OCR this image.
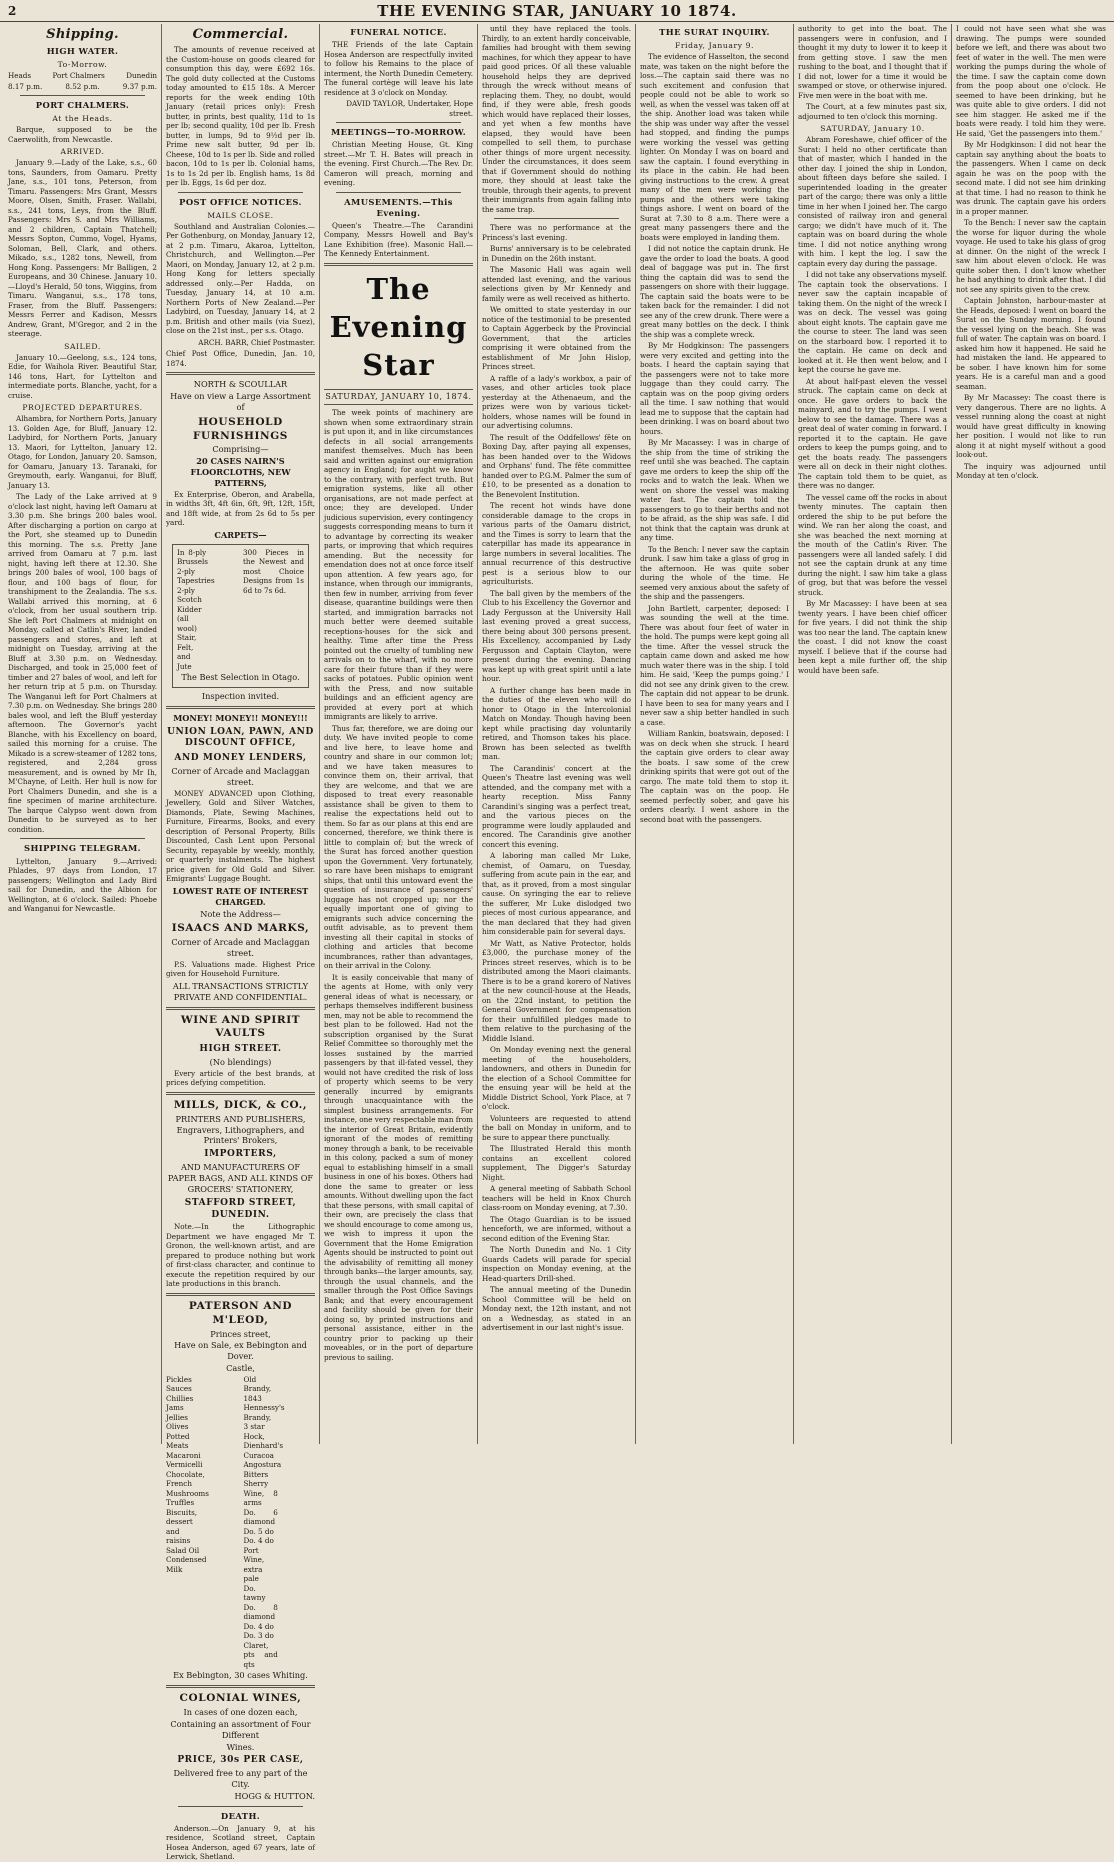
2	THE EVENING STAR, JANUARY 10 1874.
Shipping.
HIGH WATER.
To-Morrow.
Heads	Port Chalmers	Dunedin
8.17 p.m.	8.52 p.m.	9.37 p.m.
PORT CHALMERS.
At the Heads.

Barque, supposed to be the Caerwolith, from Newcastle.

ARRIVED.

January 9.—Lady of the Lake, s.s., 60 tons, Saunders, from Oamaru. Pretty Jane, s.s., 101 tons, Peterson, from Timaru. Passengers: Mrs Grant, Messrs Moore, Olsen, Smith, Fraser. Wallabi, s.s., 241 tons, Leys, from the Bluff. Passengers: Mrs S. and Mrs Williams, and 2 children, Captain Thatchell; Messrs Sopton, Cummo, Vogel, Hyams, Soloman, Bell, Clark, and others. Mikado, s.s., 1282 tons, Newell, from Hong Kong. Passengers: Mr Balligen, 2 Europeans, and 30 Chinese. January 10.—Lloyd's Herald, 50 tons, Wiggins, from Timaru. Wanganui, s.s., 178 tons, Fraser, from the Bluff. Passengers: Messrs Ferrer and Kadison, Messrs Andrew, Grant, M'Gregor, and 2 in the steerage.

SAILED.

January 10.—Geelong, s.s., 124 tons, Edie, for Waihola River. Beautiful Star, 146 tons, Hart, for Lyttelton and intermediate ports. Blanche, yacht, for a cruise.

PROJECTED DEPARTURES.

Alhambra, for Northern Ports, January 13. Golden Age, for Bluff, January 12. Ladybird, for Northern Ports, January 13. Maori, for Lyttelton, January 12. Otago, for London, January 20. Samson, for Oamaru, January 13. Taranaki, for Greymouth, early. Wanganui, for Bluff, January 13.

The Lady of the Lake arrived at 9 o'clock last night, having left Oamaru at 3.30 p.m. She brings 200 bales wool. After discharging a portion on cargo at the Port, she steamed up to Dunedin this morning. The s.s. Pretty Jane arrived from Oamaru at 7 p.m. last night, having left there at 12.30. She brings 200 bales of wool, 100 bags of flour, and 100 bags of flour, for transhipment to the Zealandia. The s.s. Wallabi arrived this morning, at 6 o'clock, from her usual southern trip. She left Port Chalmers at midnight on Monday, called at Catlin's River, landed passengers and stores, and left at midnight on Tuesday, arriving at the Bluff at 3.30 p.m. on Wednesday. Discharged, and took in 25,000 feet of timber and 27 bales of wool, and left for her return trip at 5 p.m. on Thursday. The Wanganui left for Port Chalmers at 7.30 p.m. on Wednesday. She brings 280 bales wool, and left the Bluff yesterday afternoon. The Governor's yacht Blanche, with his Excellency on board, sailed this morning for a cruise. The Mikado is a screw-steamer of 1282 tons, registered, and 2,284 gross measurement, and is owned by Mr Ih, M'Chayne, of Leith. Her hull is now for Port Chalmers Dunedin, and she is a fine specimen of marine architecture. The barque Calypso went down from Dunedin to be surveyed as to her condition.

SHIPPING TELEGRAM.

Lyttelton, January 9.—Arrived: Phlades, 97 days from London, 17 passengers; Wellington and Lady Bird sail for Dunedin, and the Albion for Wellington, at 6 o'clock. Sailed: Phoebe and Wanganui for Newcastle.

Commercial.

The amounts of revenue received at the Custom-house on goods cleared for consumption this day, were £692 16s. The gold duty collected at the Customs today amounted to £15 18s. A Mercer reports for the week ending 10th January (retail prices only): Fresh butter, in prints, best quality, 11d to 1s per lb; second quality, 10d per lb. Fresh butter, in lumps, 9d to 9½d per lb. Prime new salt butter, 9d per lb. Cheese, 10d to 1s per lb. Side and rolled bacon, 10d to 1s per lb. Colonial hams, 1s to 1s 2d per lb. English hams, 1s 8d per lb. Eggs, 1s 6d per doz.

POST OFFICE NOTICES.
MAILS CLOSE.

Southland and Australian Colonies.—Per Gothenburg, on Monday, January 12, at 2 p.m. Timaru, Akaroa, Lyttelton, Christchurch, and Wellington.—Per Maori, on Monday, January 12, at 2 p.m. Hong Kong for letters specially addressed only.—Per Hadda, on Tuesday, January 14, at 10 a.m. Northern Ports of New Zealand.—Per Ladybird, on Tuesday, January 14, at 2 p.m. British and other mails (via Suez), close on the 21st inst., per s.s. Otago.

ARCH. BARR, Chief Postmaster.

Chief Post Office, Dunedin, Jan. 10, 1874.

NORTH & SCOULLAR
Have on view a Large Assortment of
HOUSEHOLD FURNISHINGS
Comprising—
20 CASES NAIRN'S FLOORCLOTHS, NEW PATTERNS,

Ex Enterprise, Oberon, and Arabella, in widths 3ft, 4ft 6in, 6ft, 9ft, 12ft, 15ft, and 18ft wide, at from 2s 6d to 5s per yard.

CARPETS—
In 8-ply Brussels
2-ply Tapestries
2-ply Scotch
Kidder (all wool)
Stair, Felt, and Jute
300 Pieces in the Newest and most Choice Designs from 1s 6d to 7s 6d.
The Best Selection in Otago.
Inspection invited.
MONEY! MONEY!! MONEY!!!
UNION LOAN, PAWN, AND DISCOUNT OFFICE,
AND MONEY LENDERS,
Corner of Arcade and Maclaggan street.

MONEY ADVANCED upon Clothing, Jewellery, Gold and Silver Watches, Diamonds, Plate, Sewing Machines, Furniture, Firearms, Books, and every description of Personal Property, Bills Discounted, Cash Lent upon Personal Security, repayable by weekly, monthly, or quarterly instalments. The highest price given for Old Gold and Silver. Emigrants' Luggage Bought.

LOWEST RATE OF INTEREST CHARGED.
Note the Address—
ISAACS AND MARKS,
Corner of Arcade and Maclaggan street.

P.S. Valuations made. Highest Price given for Household Furniture.

ALL TRANSACTIONS STRICTLY PRIVATE AND CONFIDENTIAL.
WINE AND SPIRIT VAULTS
HIGH STREET.
(No blendings)

Every article of the best brands, at prices defying competition.

MILLS, DICK, & CO.,
PRINTERS AND PUBLISHERS, Engravers, Lithographers, and Printers' Brokers,
IMPORTERS,
AND MANUFACTURERS OF PAPER BAGS, AND ALL KINDS OF GROCERS' STATIONERY,
STAFFORD STREET, DUNEDIN.

Note.—In the Lithographic Department we have engaged Mr T. Gronon, the well-known artist, and are prepared to produce nothing but work of first-class character, and continue to execute the repetition required by our late productions in this branch.

PATERSON AND M'LEOD,
Princes street,
Have on Sale, ex Bebington and Dover.
Castle,
Pickles
Sauces
Chillies
Jams
Jellies
Olives
Potted Meats
Macaroni
Vermicelli
Chocolate, French
Mushrooms
Truffles
Biscuits, dessert and raisins
Salad Oil
Condensed Milk
Old Brandy, 1843
Hennessy's Brandy, 3 star
Hock, Dienhard's
Curacoa
Angostura Bitters
Sherry Wine, 8 arms
Do. 6 diamond
Do. 5 do
Do. 4 do
Port Wine, extra pale
Do. tawny
Do. 8 diamond
Do. 4 do
Do. 3 do
Claret, pts and qts
Ex Bebington, 30 cases Whiting.
COLONIAL WINES,
In cases of one dozen each,
Containing an assortment of Four Different
Wines.
PRICE, 30s PER CASE,
Delivered free to any part of the City.
HOGG & HUTTON.
DEATH.

Anderson.—On January 9, at his residence, Scotland street, Captain Hosea Anderson, aged 67 years, late of Lerwick, Shetland.

FUNERAL NOTICE.

THE Friends of the late Captain Hosea Anderson are respectfully invited to follow his Remains to the place of interment, the North Dunedin Cemetery. The funeral cortège will leave his late residence at 3 o'clock on Monday.

DAVID TAYLOR, Undertaker, Hope street.

MEETINGS—TO-MORROW.

Christian Meeting House, Gt. King street.—Mr T. H. Bates will preach in the evening. First Church.—The Rev. Dr. Cameron will preach, morning and evening.

AMUSEMENTS.—This Evening.

Queen's Theatre.—The Carandini Company, Messrs Howell and Bay's Lane Exhibition (free). Masonic Hall.—The Kennedy Entertainment.

The Evening Star
SATURDAY, JANUARY 10, 1874.

The week points of machinery are shown when some extraordinary strain is put upon it, and in like circumstances defects in all social arrangements manifest themselves. Much has been said and written against our emigration agency in England; for aught we know to the contrary, with perfect truth. But emigration systems, like all other organisations, are not made perfect at once; they are developed. Under judicious supervision, every contingency suggests corresponding means to turn it to advantage by correcting its weaker parts, or improving that which requires amending. But the necessity for emendation does not at once force itself upon attention. A few years ago, for instance, when through our immigrants, then few in number, arriving from fever disease, quarantine buildings were then started, and immigration barracks not much better were deemed suitable receptions-houses for the sick and healthy. Time after time the Press pointed out the cruelty of tumbling new arrivals on to the wharf, with no more care for their future than if they were sacks of potatoes. Public opinion went with the Press, and now suitable buildings and an efficient agency are provided at every port at which immigrants are likely to arrive.

Thus far, therefore, we are doing our duty. We have invited people to come and live here, to leave home and country and share in our common lot; and we have taken measures to convince them on, their arrival, that they are welcome, and that we are disposed to treat every reasonable assistance shall be given to them to realise the expectations held out to them. So far as our plans at this end are concerned, therefore, we think there is little to complain of; but the wreck of the Surat has forced another question upon the Government. Very fortunately, so rare have been mishaps to emigrant ships, that until this untoward event the question of insurance of passengers' luggage has not cropped up; nor the equally important one of giving to emigrants such advice concerning the outfit advisable, as to prevent them investing all their capital in stocks of clothing and articles that become incumbrances, rather than advantages, on their arrival in the Colony.

It is easily conceivable that many of the agents at Home, with only very general ideas of what is necessary, or perhaps themselves indifferent business men, may not be able to recommend the best plan to be followed. Had not the subscription organised by the Surat Relief Committee so thoroughly met the losses sustained by the married passengers by that ill-fated vessel, they would not have credited the risk of loss of property which seems to be very generally incurred by emigrants through unacquaintance with the simplest business arrangements. For instance, one very respectable man from the interior of Great Britain, evidently ignorant of the modes of remitting money through a bank, to be receivable in this colony, packed a sum of money equal to establishing himself in a small business in one of his boxes. Others had done the same to greater or less amounts. Without dwelling upon the fact that these persons, with small capital of their own, are precisely the class that we should encourage to come among us, we wish to impress it upon the Government that the Home Emigration Agents should be instructed to point out the advisability of remitting all money through banks—the larger amounts, say, through the usual channels, and the smaller through the Post Office Savings Bank; and that every encouragement and facility should be given for their doing so, by printed instructions and personal assistance, either in the country prior to packing up their moveables, or in the port of departure previous to sailing.

until they have replaced the tools. Thirdly, to an extent hardly conceivable, families had brought with them sewing machines, for which they appear to have paid good prices. Of all these valuable household helps they are deprived through the wreck without means of replacing them. They, no doubt, would find, if they were able, fresh goods which would have replaced their losses, and yet when a few months have elapsed, they would have been compelled to sell them, to purchase other things of more urgent necessity. Under the circumstances, it does seem that if Government should do nothing more, they should at least take the trouble, through their agents, to prevent their immigrants from again falling into the same trap.

There was no performance at the Princess's last evening.

Burns' anniversary is to be celebrated in Dunedin on the 26th instant.

The Masonic Hall was again well attended last evening, and the various selections given by Mr Kennedy and family were as well received as hitherto.

We omitted to state yesterday in our notice of the testimonial to be presented to Captain Aggerbeck by the Provincial Government, that the articles comprising it were obtained from the establishment of Mr John Hislop, Princes street.

A raffle of a lady's workbox, a pair of vases, and other articles took place yesterday at the Athenaeum, and the prizes were won by various ticket-holders, whose names will be found in our advertising columns.

The result of the Oddfellows' fête on Boxing Day, after paying all expenses, has been handed over to the Widows and Orphans' fund. The fête committee handed over to P.G.M. Palmer the sum of £10, to be presented as a donation to the Benevolent Institution.

The recent hot winds have done considerable damage to the crops in various parts of the Oamaru district, and the Times is sorry to learn that the caterpillar has made its appearance in large numbers in several localities. The annual recurrence of this destructive pest is a serious blow to our agriculturists.

The ball given by the members of the Club to his Excellency the Governor and Lady Fergusson at the University Hall last evening proved a great success, there being about 300 persons present. His Excellency, accompanied by Lady Fergusson and Captain Clayton, were present during the evening. Dancing was kept up with great spirit until a late hour.

A further change has been made in the duties of the eleven who will do honor to Otago in the Intercolonial Match on Monday. Though having been kept while practising day voluntarily retired, and Thomson takes his place. Brown has been selected as twelfth man.

The Carandinis' concert at the Queen's Theatre last evening was well attended, and the company met with a hearty reception. Miss Fanny Carandini's singing was a perfect treat, and the various pieces on the programme were loudly applauded and encored. The Carandinis give another concert this evening.

A laboring man called Mr Luke, chemist, of Oamaru, on Tuesday, suffering from acute pain in the ear, and that, as it proved, from a most singular cause. On syringing the ear to relieve the sufferer, Mr Luke dislodged two pieces of most curious appearance, and the man declared that they had given him considerable pain for several days.

Mr Watt, as Native Protector, holds £3,000, the purchase money of the Princes street reserves, which is to be distributed among the Maori claimants. There is to be a grand korero of Natives at the new council-house at the Heads, on the 22nd instant, to petition the General Government for compensation for their unfulfilled pledges made to them relative to the purchasing of the Middle Island.

On Monday evening next the general meeting of the householders, landowners, and others in Dunedin for the election of a School Committee for the ensuing year will be held at the Middle District School, York Place, at 7 o'clock.

Volunteers are requested to attend the ball on Monday in uniform, and to be sure to appear there punctually.

The Illustrated Herald this month contains an excellent colored supplement, The Digger's Saturday Night.

A general meeting of Sabbath School teachers will be held in Knox Church class-room on Monday evening, at 7.30.

The Otago Guardian is to be issued henceforth, we are informed, without a second edition of the Evening Star.

The North Dunedin and No. 1 City Guards Cadets will parade for special inspection on Monday evening, at the Head-quarters Drill-shed.

The annual meeting of the Dunedin School Committee will be held on Monday next, the 12th instant, and not on a Wednesday, as stated in an advertisement in our last night's issue.

THE SURAT INQUIRY.
Friday, January 9.

The evidence of Hasselton, the second mate, was taken on the night before the loss.—The captain said there was no such excitement and confusion that people could not be able to work so well, as when the vessel was taken off at the ship. Another load was taken while the ship was under way after the vessel had stopped, and finding the pumps were working the vessel was getting lighter. On Monday I was on board and saw the captain. I found everything in its place in the cabin. He had been giving instructions to the crew. A great many of the men were working the pumps and the others were taking things ashore. I went on board of the Surat at 7.30 to 8 a.m. There were a great many passengers there and the boats were employed in landing them.

I did not notice the captain drunk. He gave the order to load the boats. A good deal of baggage was put in. The first thing the captain did was to send the passengers on shore with their luggage. The captain said the boats were to be taken back for the remainder. I did not see any of the crew drunk. There were a great many bottles on the deck. I think the ship was a complete wreck.

By Mr Hodgkinson: The passengers were very excited and getting into the boats. I heard the captain saying that the passengers were not to take more luggage than they could carry. The captain was on the poop giving orders all the time. I saw nothing that would lead me to suppose that the captain had been drinking. I was on board about two hours.

By Mr Macassey: I was in charge of the ship from the time of striking the reef until she was beached. The captain gave me orders to keep the ship off the rocks and to watch the leak. When we went on shore the vessel was making water fast. The captain told the passengers to go to their berths and not to be afraid, as the ship was safe. I did not think that the captain was drunk at any time.

To the Bench: I never saw the captain drunk. I saw him take a glass of grog in the afternoon. He was quite sober during the whole of the time. He seemed very anxious about the safety of the ship and the passengers.

John Bartlett, carpenter, deposed: I was sounding the well at the time. There was about four feet of water in the hold. The pumps were kept going all the time. After the vessel struck the captain came down and asked me how much water there was in the ship. I told him. He said, 'Keep the pumps going.' I did not see any drink given to the crew. The captain did not appear to be drunk. I have been to sea for many years and I never saw a ship better handled in such a case.

William Rankin, boatswain, deposed: I was on deck when she struck. I heard the captain give orders to clear away the boats. I saw some of the crew drinking spirits that were got out of the cargo. The mate told them to stop it. The captain was on the poop. He seemed perfectly sober, and gave his orders clearly. I went ashore in the second boat with the passengers.

authority to get into the boat. The passengers were in confusion, and I thought it my duty to lower it to keep it from getting stove. I saw the men rushing to the boat, and I thought that if I did not, lower for a time it would be swamped or stove, or otherwise injured. Five men were in the boat with me.

The Court, at a few minutes past six, adjourned to ten o'clock this morning.

SATURDAY, January 10.

Abram Foreshawe, chief officer of the Surat: I held no other certificate than that of master, which I handed in the other day. I joined the ship in London, about fifteen days before she sailed. I superintended loading in the greater part of the cargo; there was only a little time in her when I joined her. The cargo consisted of railway iron and general cargo; we didn't have much of it. The captain was on board during the whole time. I did not notice anything wrong with him. I kept the log. I saw the captain every day during the passage.

I did not take any observations myself. The captain took the observations. I never saw the captain incapable of taking them. On the night of the wreck I was on deck. The vessel was going about eight knots. The captain gave me the course to steer. The land was seen on the starboard bow. I reported it to the captain. He came on deck and looked at it. He then went below, and I kept the course he gave me.

At about half-past eleven the vessel struck. The captain came on deck at once. He gave orders to back the mainyard, and to try the pumps. I went below to see the damage. There was a great deal of water coming in forward. I reported it to the captain. He gave orders to keep the pumps going, and to get the boats ready. The passengers were all on deck in their night clothes. The captain told them to be quiet, as there was no danger.

The vessel came off the rocks in about twenty minutes. The captain then ordered the ship to be put before the wind. We ran her along the coast, and she was beached the next morning at the mouth of the Catlin's River. The passengers were all landed safely. I did not see the captain drunk at any time during the night. I saw him take a glass of grog, but that was before the vessel struck.

By Mr Macassey: I have been at sea twenty years. I have been chief officer for five years. I did not think the ship was too near the land. The captain knew the coast. I did not know the coast myself. I believe that if the course had been kept a mile further off, the ship would have been safe.

I could not have seen what she was drawing. The pumps were sounded before we left, and there was about two feet of water in the well. The men were working the pumps during the whole of the time. I saw the captain come down from the poop about one o'clock. He seemed to have been drinking, but he was quite able to give orders. I did not see him stagger. He asked me if the boats were ready. I told him they were. He said, 'Get the passengers into them.'

By Mr Hodgkinson: I did not hear the captain say anything about the boats to the passengers. When I came on deck again he was on the poop with the second mate. I did not see him drinking at that time. I had no reason to think he was drunk. The captain gave his orders in a proper manner.

To the Bench: I never saw the captain the worse for liquor during the whole voyage. He used to take his glass of grog at dinner. On the night of the wreck I saw him about eleven o'clock. He was quite sober then. I don't know whether he had anything to drink after that. I did not see any spirits given to the crew.

Captain Johnston, harbour-master at the Heads, deposed: I went on board the Surat on the Sunday morning. I found the vessel lying on the beach. She was full of water. The captain was on board. I asked him how it happened. He said he had mistaken the land. He appeared to be sober. I have known him for some years. He is a careful man and a good seaman.

By Mr Macassey: The coast there is very dangerous. There are no lights. A vessel running along the coast at night would have great difficulty in knowing her position. I would not like to run along it at night myself without a good look-out.

The inquiry was adjourned until Monday at ten o'clock.
